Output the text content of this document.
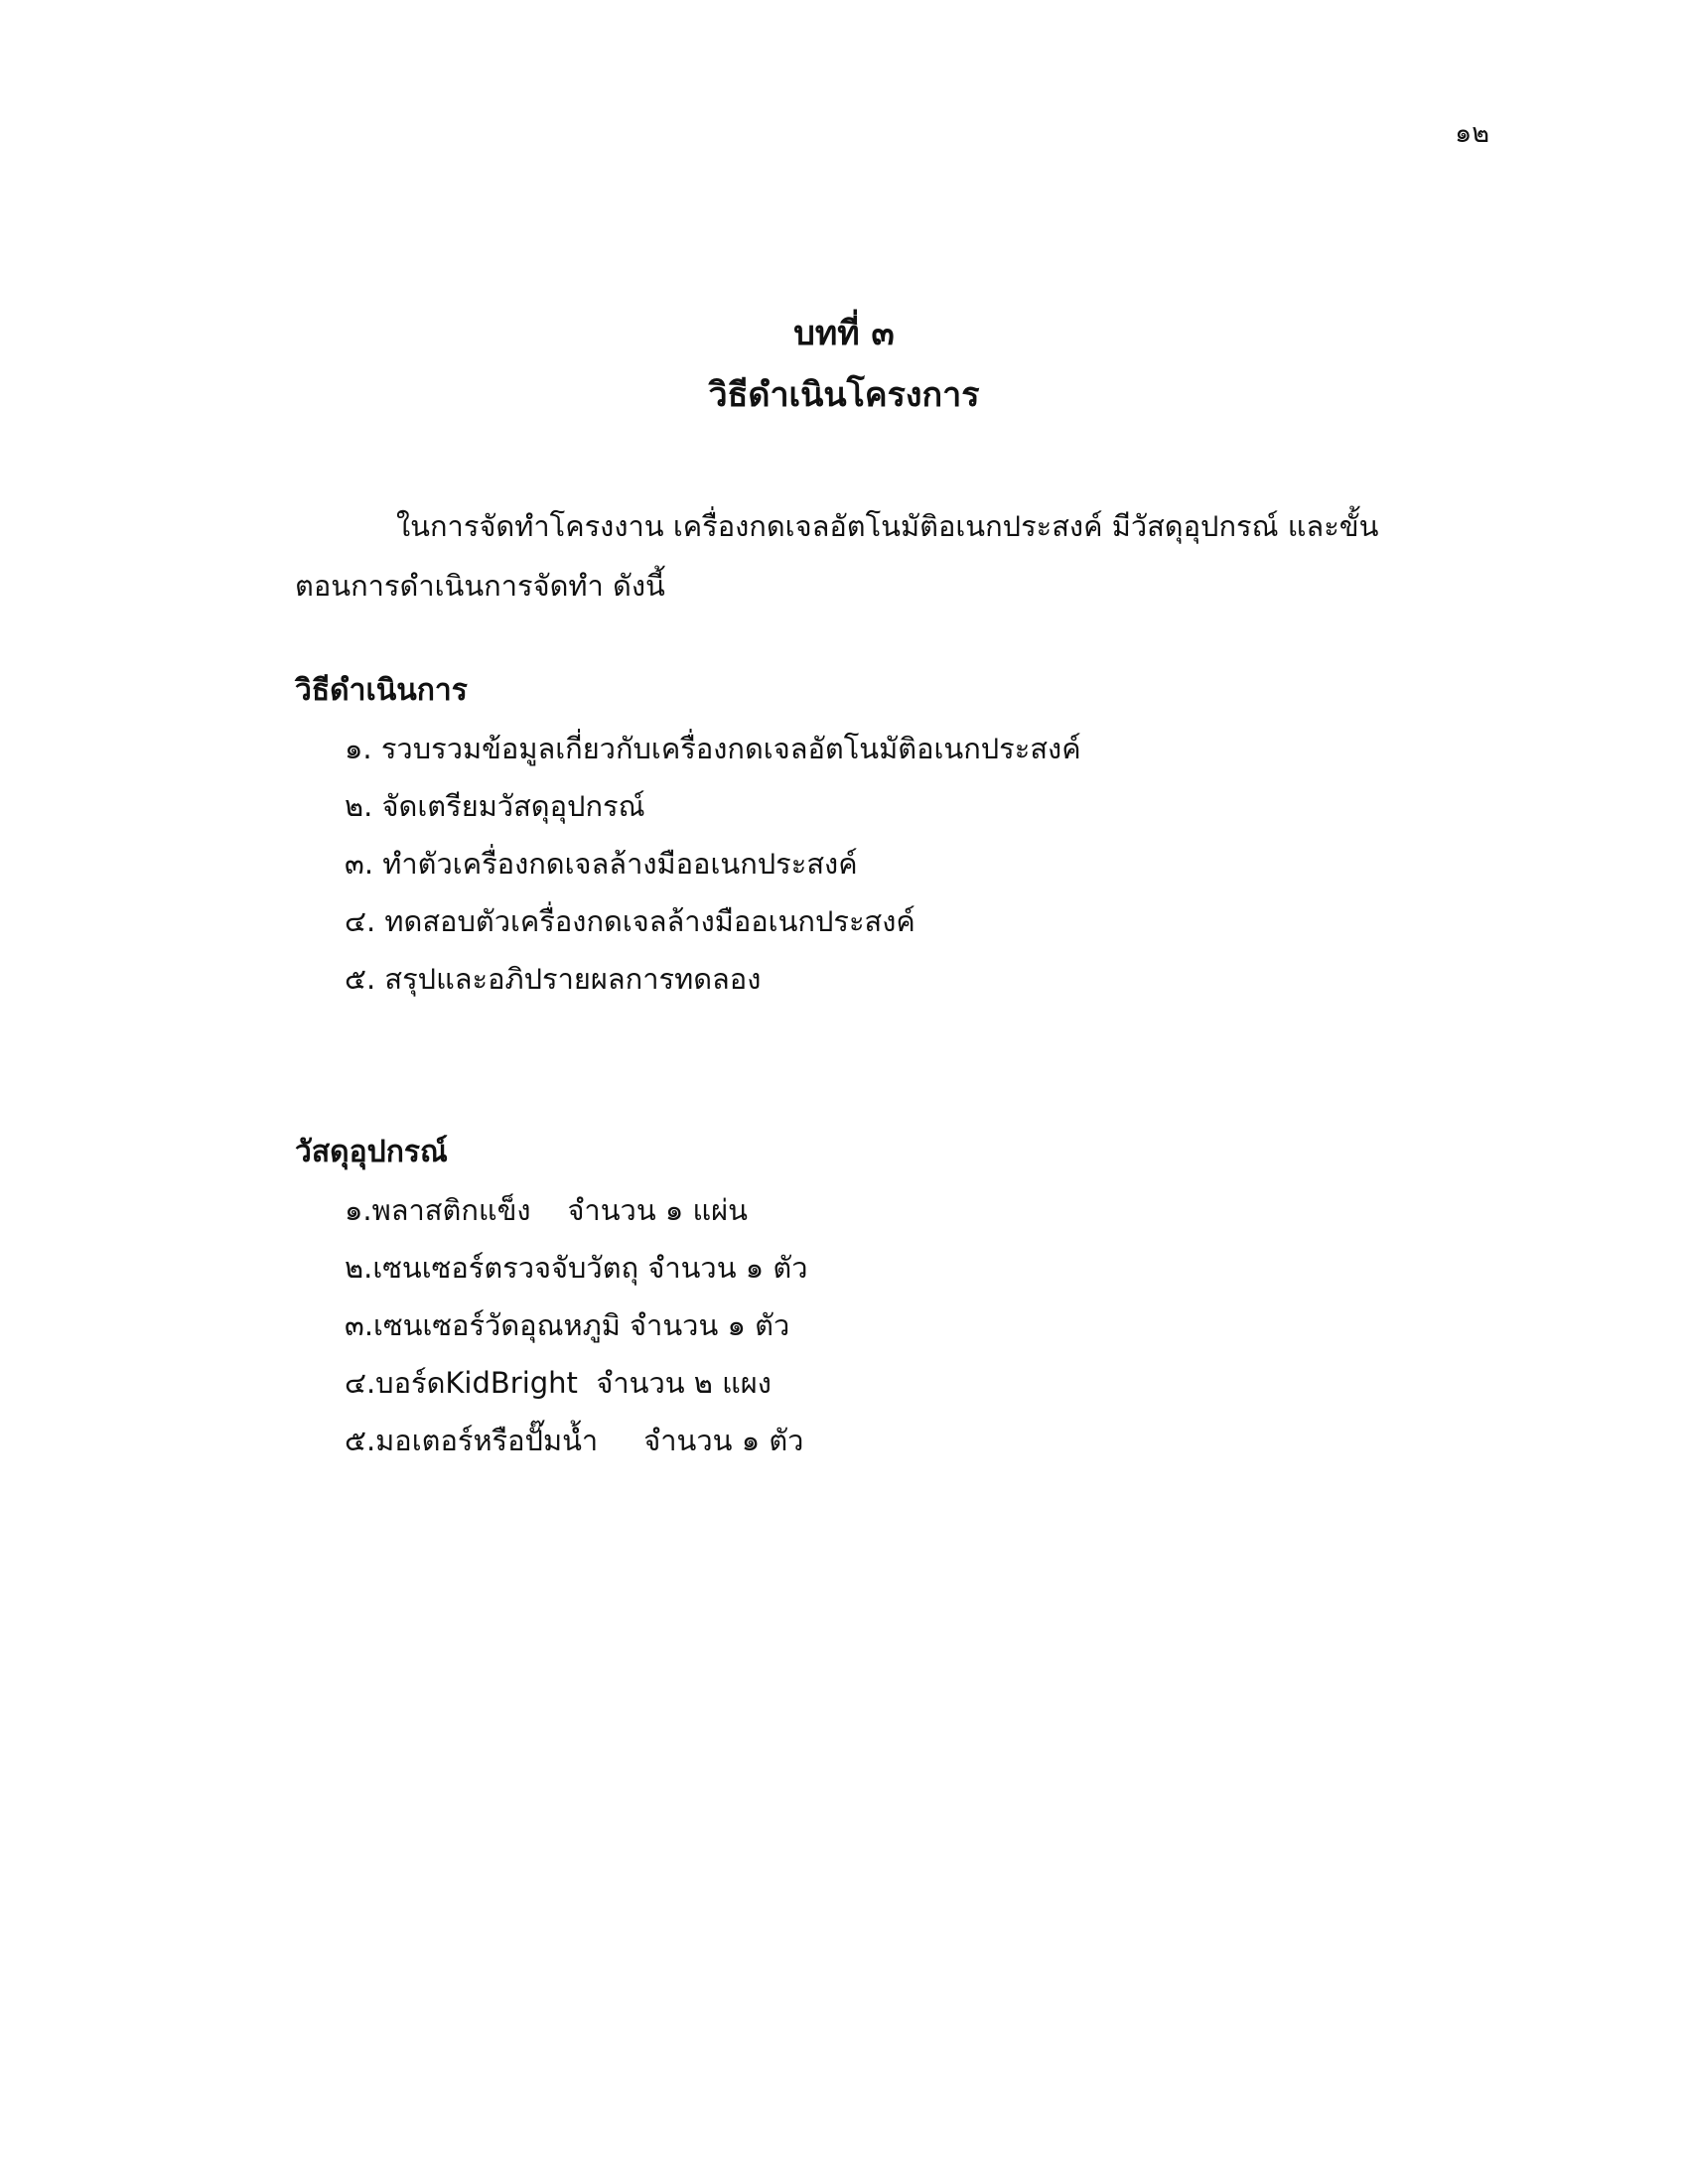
๑๒
บทที่ ๓
วิธีดำเนินโครงการ

ในการจัดทำโครงงาน เครื่องกดเจลอัตโนมัติอเนกประสงค์ มีวัสดุอุปกรณ์ และขั้นตอนการดำเนินการจัดทำ ดังนี้

วิธีดำเนินการ
๑. รวบรวมข้อมูลเกี่ยวกับเครื่องกดเจลอัตโนมัติอเนกประสงค์
๒. จัดเตรียมวัสดุอุปกรณ์
๓. ทำตัวเครื่องกดเจลล้างมืออเนกประสงค์
๔. ทดสอบตัวเครื่องกดเจลล้างมืออเนกประสงค์
๕. สรุปและอภิปรายผลการทดลอง
วัสดุอุปกรณ์
๑.พลาสติกแข็ง    จำนวน ๑ แผ่น
๒.เซนเซอร์ตรวจจับวัตถุ จำนวน ๑ ตัว
๓.เซนเซอร์วัดอุณหภูมิ จำนวน ๑ ตัว
๔.บอร์ดKidBright  จำนวน ๒ แผง
๕.มอเตอร์หรือปั๊มน้ำ     จำนวน ๑ ตัว
